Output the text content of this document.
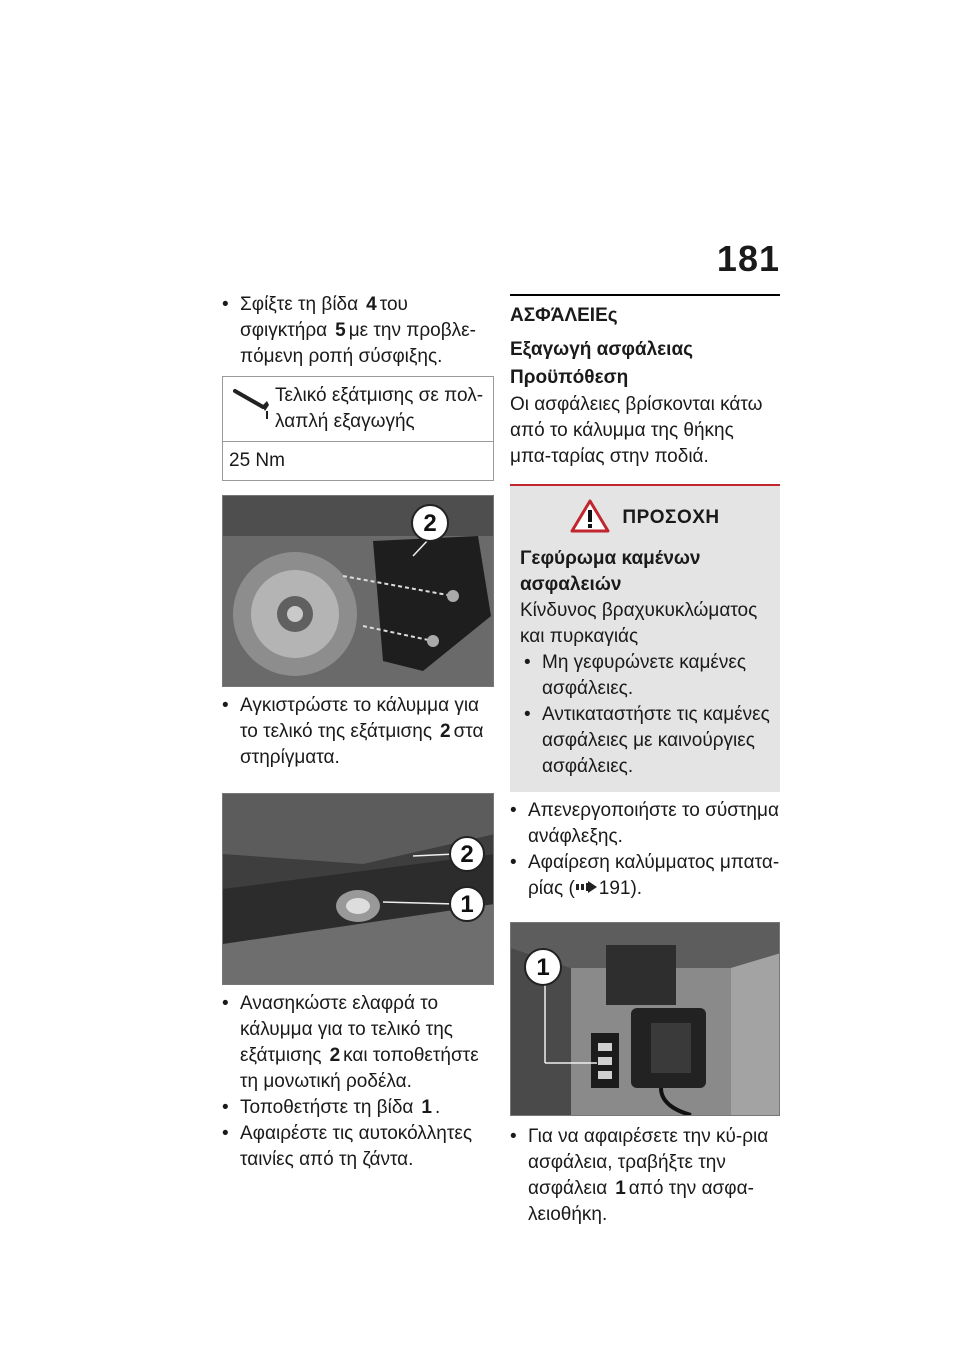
181
• Σφίξτε τη βίδα 4 του σφιγκτήρα 5 με την προβλε-πόμενη ροπή σύσφιξης.
Τελικό εξάτμισης σε πολ-λαπλή εξαγωγής
25 Nm
2
• Αγκιστρώστε το κάλυμμα για το τελικό της εξάτμισης 2 στα στηρίγματα.
2
1
• Ανασηκώστε ελαφρά το κάλυμμα για το τελικό της εξάτμισης 2 και τοποθετήστε τη μονωτική ροδέλα.
• Τοποθετήστε τη βίδα 1 .
• Αφαιρέστε τις αυτοκόλλητες ταινίες από τη ζάντα.
ΑΣΦΆΛΕΙΕς
Εξαγωγή ασφάλειας
Προϋπόθεση
Οι ασφάλειες βρίσκονται κάτω από το κάλυμμα της θήκης μπα-ταρίας στην ποδιά.
ΠΡΟΣΟΧΗ
Γεφύρωμα καμένων ασφαλειών
Κίνδυνος βραχυκυκλώματος και πυρκαγιάς
• Μη γεφυρώνετε καμένες ασφάλειες.
• Αντικαταστήστε τις καμένες ασφάλειες με καινούργιες ασφάλειες.
• Απενεργοποιήστε το σύστημα ανάφλεξης.
• Αφαίρεση καλύμματος μπατα-ρίας ( 191).
1
• Για να αφαιρέσετε την κύ-ρια ασφάλεια, τραβήξτε την ασφάλεια 1 από την ασφα-λειοθήκη.
